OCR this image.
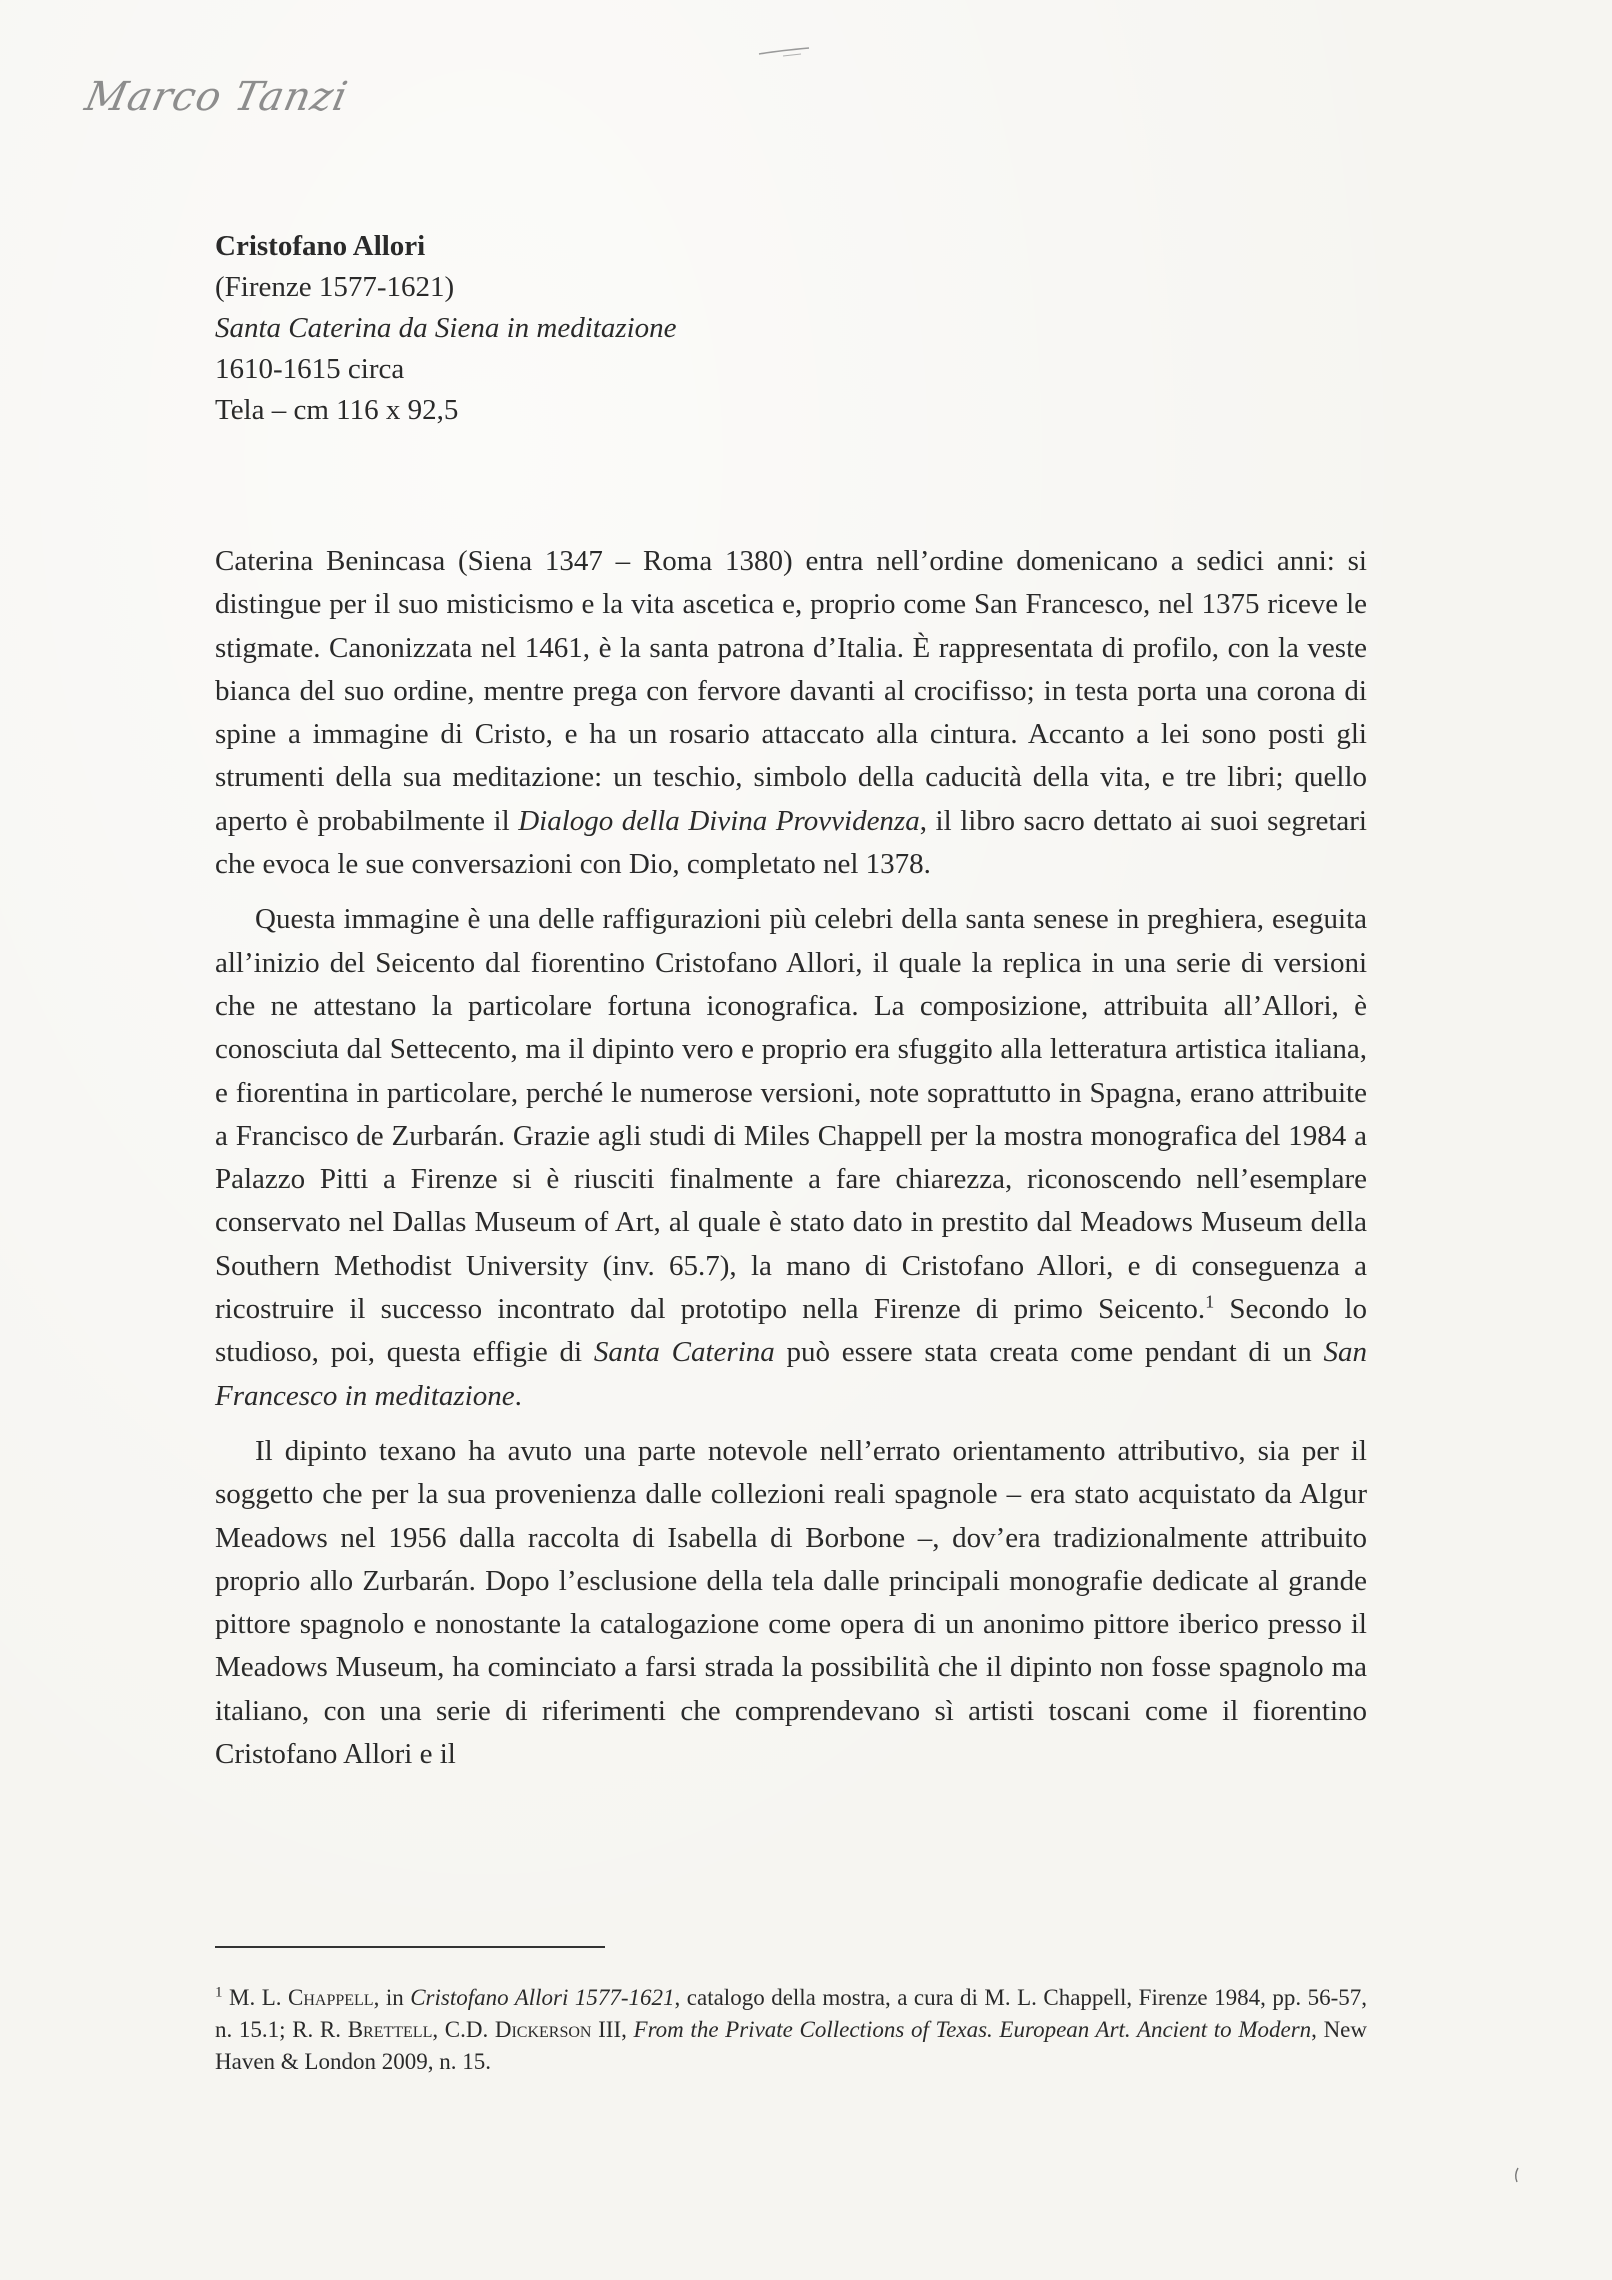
Marco Tanzi
Cristofano Allori
(Firenze 1577-1621)
Santa Caterina da Siena in meditazione
1610-1615 circa
Tela – cm 116 x 92,5

Caterina Benincasa (Siena 1347 – Roma 1380) entra nell’ordine domenicano a sedici anni: si distingue per il suo misticismo e la vita ascetica e, proprio come San Francesco, nel 1375 riceve le stigmate. Canonizzata nel 1461, è la santa patrona d’Italia. È rappresentata di profilo, con la veste bianca del suo ordine, mentre prega con fervore davanti al crocifisso; in testa porta una corona di spine a immagine di Cristo, e ha un rosario attaccato alla cintura. Accanto a lei sono posti gli strumenti della sua meditazione: un teschio, simbolo della caducità della vita, e tre libri; quello aperto è probabilmente il Dialogo della Divina Provvidenza, il libro sacro dettato ai suoi segretari che evoca le sue conversazioni con Dio, completato nel 1378.

Questa immagine è una delle raffigurazioni più celebri della santa senese in preghiera, eseguita all’inizio del Seicento dal fiorentino Cristofano Allori, il quale la replica in una serie di versioni che ne attestano la particolare fortuna iconografica. La composizione, attribuita all’Allori, è conosciuta dal Settecento, ma il dipinto vero e proprio era sfuggito alla letteratura artistica italiana, e fiorentina in particolare, perché le numerose versioni, note soprattutto in Spagna, erano attribuite a Francisco de Zurbarán. Grazie agli studi di Miles Chappell per la mostra monografica del 1984 a Palazzo Pitti a Firenze si è riusciti finalmente a fare chiarezza, riconoscendo nell’esemplare conservato nel Dallas Museum of Art, al quale è stato dato in prestito dal Meadows Museum della Southern Methodist University (inv. 65.7), la mano di Cristofano Allori, e di conseguenza a ricostruire il successo incontrato dal prototipo nella Firenze di primo Seicento.$^1$ Secondo lo studioso, poi, questa effigie di Santa Caterina può essere stata creata come pendant di un San Francesco in meditazione.

Il dipinto texano ha avuto una parte notevole nell’errato orientamento attributivo, sia per il soggetto che per la sua provenienza dalle collezioni reali spagnole – era stato acquistato da Algur Meadows nel 1956 dalla raccolta di Isabella di Borbone –, dov’era tradizionalmente attribuito proprio allo Zurbarán. Dopo l’esclusione della tela dalle principali monografie dedicate al grande pittore spagnolo e nonostante la catalogazione come opera di un anonimo pittore iberico presso il Meadows Museum, ha cominciato a farsi strada la possibilità che il dipinto non fosse spagnolo ma italiano, con una serie di riferimenti che comprendevano sì artisti toscani come il fiorentino Cristofano Allori e il

$^1$ M. L. Chappell, in Cristofano Allori 1577-1621, catalogo della mostra, a cura di M. L. Chappell, Firenze 1984, pp. 56-57, n. 15.1; R. R. Brettell, C.D. Dickerson III, From the Private Collections of Texas. European Art. Ancient to Modern, New Haven & London 2009, n. 15.
